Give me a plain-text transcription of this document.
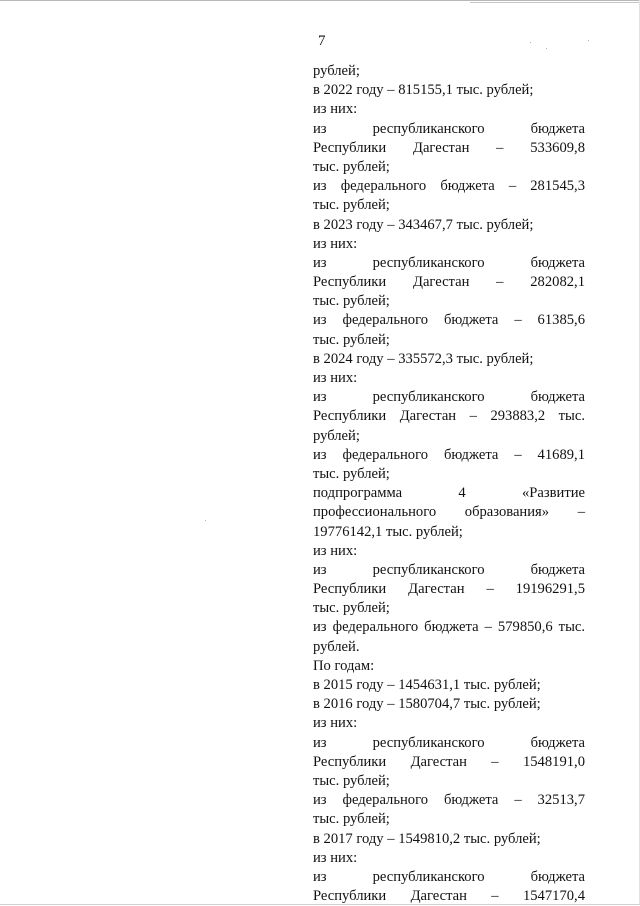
7
рублей;
в 2022 году – 815155,1 тыс. рублей;
из них:
из республиканского бюджета
Республики Дагестан – 533609,8
тыс. рублей;
из федерального бюджета – 281545,3
тыс. рублей;
в 2023 году – 343467,7 тыс. рублей;
из них:
из республиканского бюджета
Республики Дагестан – 282082,1
тыс. рублей;
из федерального бюджета – 61385,6
тыс. рублей;
в 2024 году – 335572,3 тыс. рублей;
из них:
из республиканского бюджета
Республики Дагестан – 293883,2 тыс.
рублей;
из федерального бюджета – 41689,1
тыс. рублей;
подпрограмма 4 «Развитие
профессионального образования» –
19776142,1 тыс. рублей;
из них:
из республиканского бюджета
Республики Дагестан – 19196291,5
тыс. рублей;
из федерального бюджета – 579850,6 тыс.
рублей.
По годам:
в 2015 году – 1454631,1 тыс. рублей;
в 2016 году – 1580704,7 тыс. рублей;
из них:
из республиканского бюджета
Республики Дагестан – 1548191,0
тыс. рублей;
из федерального бюджета – 32513,7
тыс. рублей;
в 2017 году – 1549810,2 тыс. рублей;
из них:
из республиканского бюджета
Республики Дагестан – 1547170,4
